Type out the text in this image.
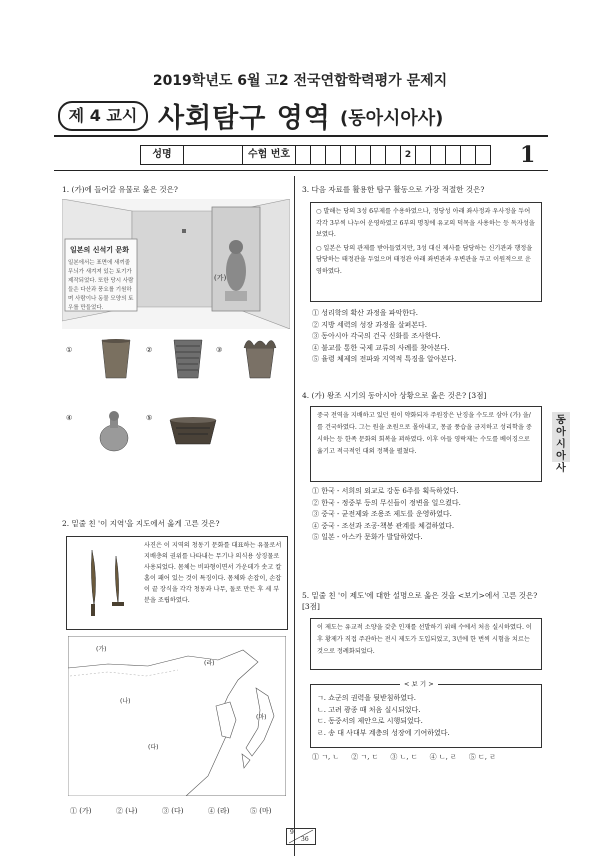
2019학년도 6월 고2 전국연합학력평가 문제지
제 4 교시 사회탐구 영역 (동아시아사)
성명	수험 번호	2	1
동아시아사
1. (가)에 들어갈 유물로 옳은 것은?
일본의 신석기 문화
일본에서는 표면에 새끼줄 무늬가 새겨져 있는 토기가 제작되었다. 또한 당시 사람들은 다산과 풍요를 기원하며 사람이나 동물 모양의 토우를 만들었다.
(가)
①	②	③
④	⑤
2. 밑줄 친 '이 지역'을 지도에서 옳게 고른 것은?
사진은 이 지역의 청동기 문화를 대표하는 유물로서 지배층의 권위를 나타내는 무기나 의식용 상징물로 사용되었다. 몸체는 비파형이면서 가운데가 솟고 칼 홈이 패어 있는 것이 특징이다. 몸체와 손잡이, 손잡이 끝 장식을 각각 청동과 나무, 돌로 만든 후 세 부분을 조립하였다.
(가)
(나)
(다)
(라)
(마)
① (가)	② (나)	③ (다)	④ (라)	⑤ (마)
3. 다음 자료를 활용한 탐구 활동으로 가장 적절한 것은?
○ 발해는 당의 3성 6부제를 수용하였으나, 정당성 아래 좌사정과 우사정을 두어 각각 3부씩 나누어 운영하였고 6부의 명칭에 유교의 덕목을 사용하는 등 독자성을 보였다.
○ 일본은 당의 관제를 받아들였지만, 3성 대신 제사를 담당하는 신기관과 행정을 담당하는 태정관을 두었으며 태정관 아래 좌변관과 우변관을 두고 이원적으로 운영하였다.
① 성리학의 확산 과정을 파악한다.
② 지방 세력의 성장 과정을 살펴본다.
③ 동아시아 각국의 건국 신화를 조사한다.
④ 불교를 통한 국제 교류의 사례를 찾아본다.
⑤ 율령 체제의 전파와 지역적 특징을 알아본다.
4. (가) 왕조 시기의 동아시아 상황으로 옳은 것은? [3점]
중국 전역을 지배하고 있던 원이 약화되자 주원장은 난징을 수도로 삼아 (가) 을/를 건국하였다. 그는 원을 초원으로 몰아내고, 몽골 풍습을 금지하고 성리학을 중시하는 등 한족 문화의 회복을 꾀하였다. 이후 아들 영락제는 수도를 베이징으로 옮기고 적극적인 대외 정책을 펼쳤다.
① 한국 - 서희의 외교로 강동 6주를 획득하였다.
② 한국 - 정중부 등의 무신들이 정변을 일으켰다.
③ 중국 - 균전제와 조용조 제도를 운영하였다.
④ 중국 - 조선과 조공·책봉 관계를 체결하였다.
⑤ 일본 - 아스카 문화가 발달하였다.
5. 밑줄 친 '이 제도'에 대한 설명으로 옳은 것을 <보기>에서 고른 것은? [3점]
이 제도는 유교적 소양을 갖춘 인재를 선발하기 위해 수에서 처음 실시하였다. 이후 황제가 직접 주관하는 전시 제도가 도입되었고, 3년에 한 번씩 시험을 치르는 것으로 정례화되었다.
ㄱ. 쇼군의 권력을 뒷받침하였다.
ㄴ. 고려 광종 때 처음 실시되었다.
ㄷ. 동중서의 제안으로 시행되었다.
ㄹ. 송 대 사대부 계층의 성장에 기여하였다.
< 보 기 >
① ㄱ, ㄴ ② ㄱ, ㄷ ③ ㄴ, ㄷ ④ ㄴ, ㄹ ⑤ ㄷ, ㄹ
9
36
